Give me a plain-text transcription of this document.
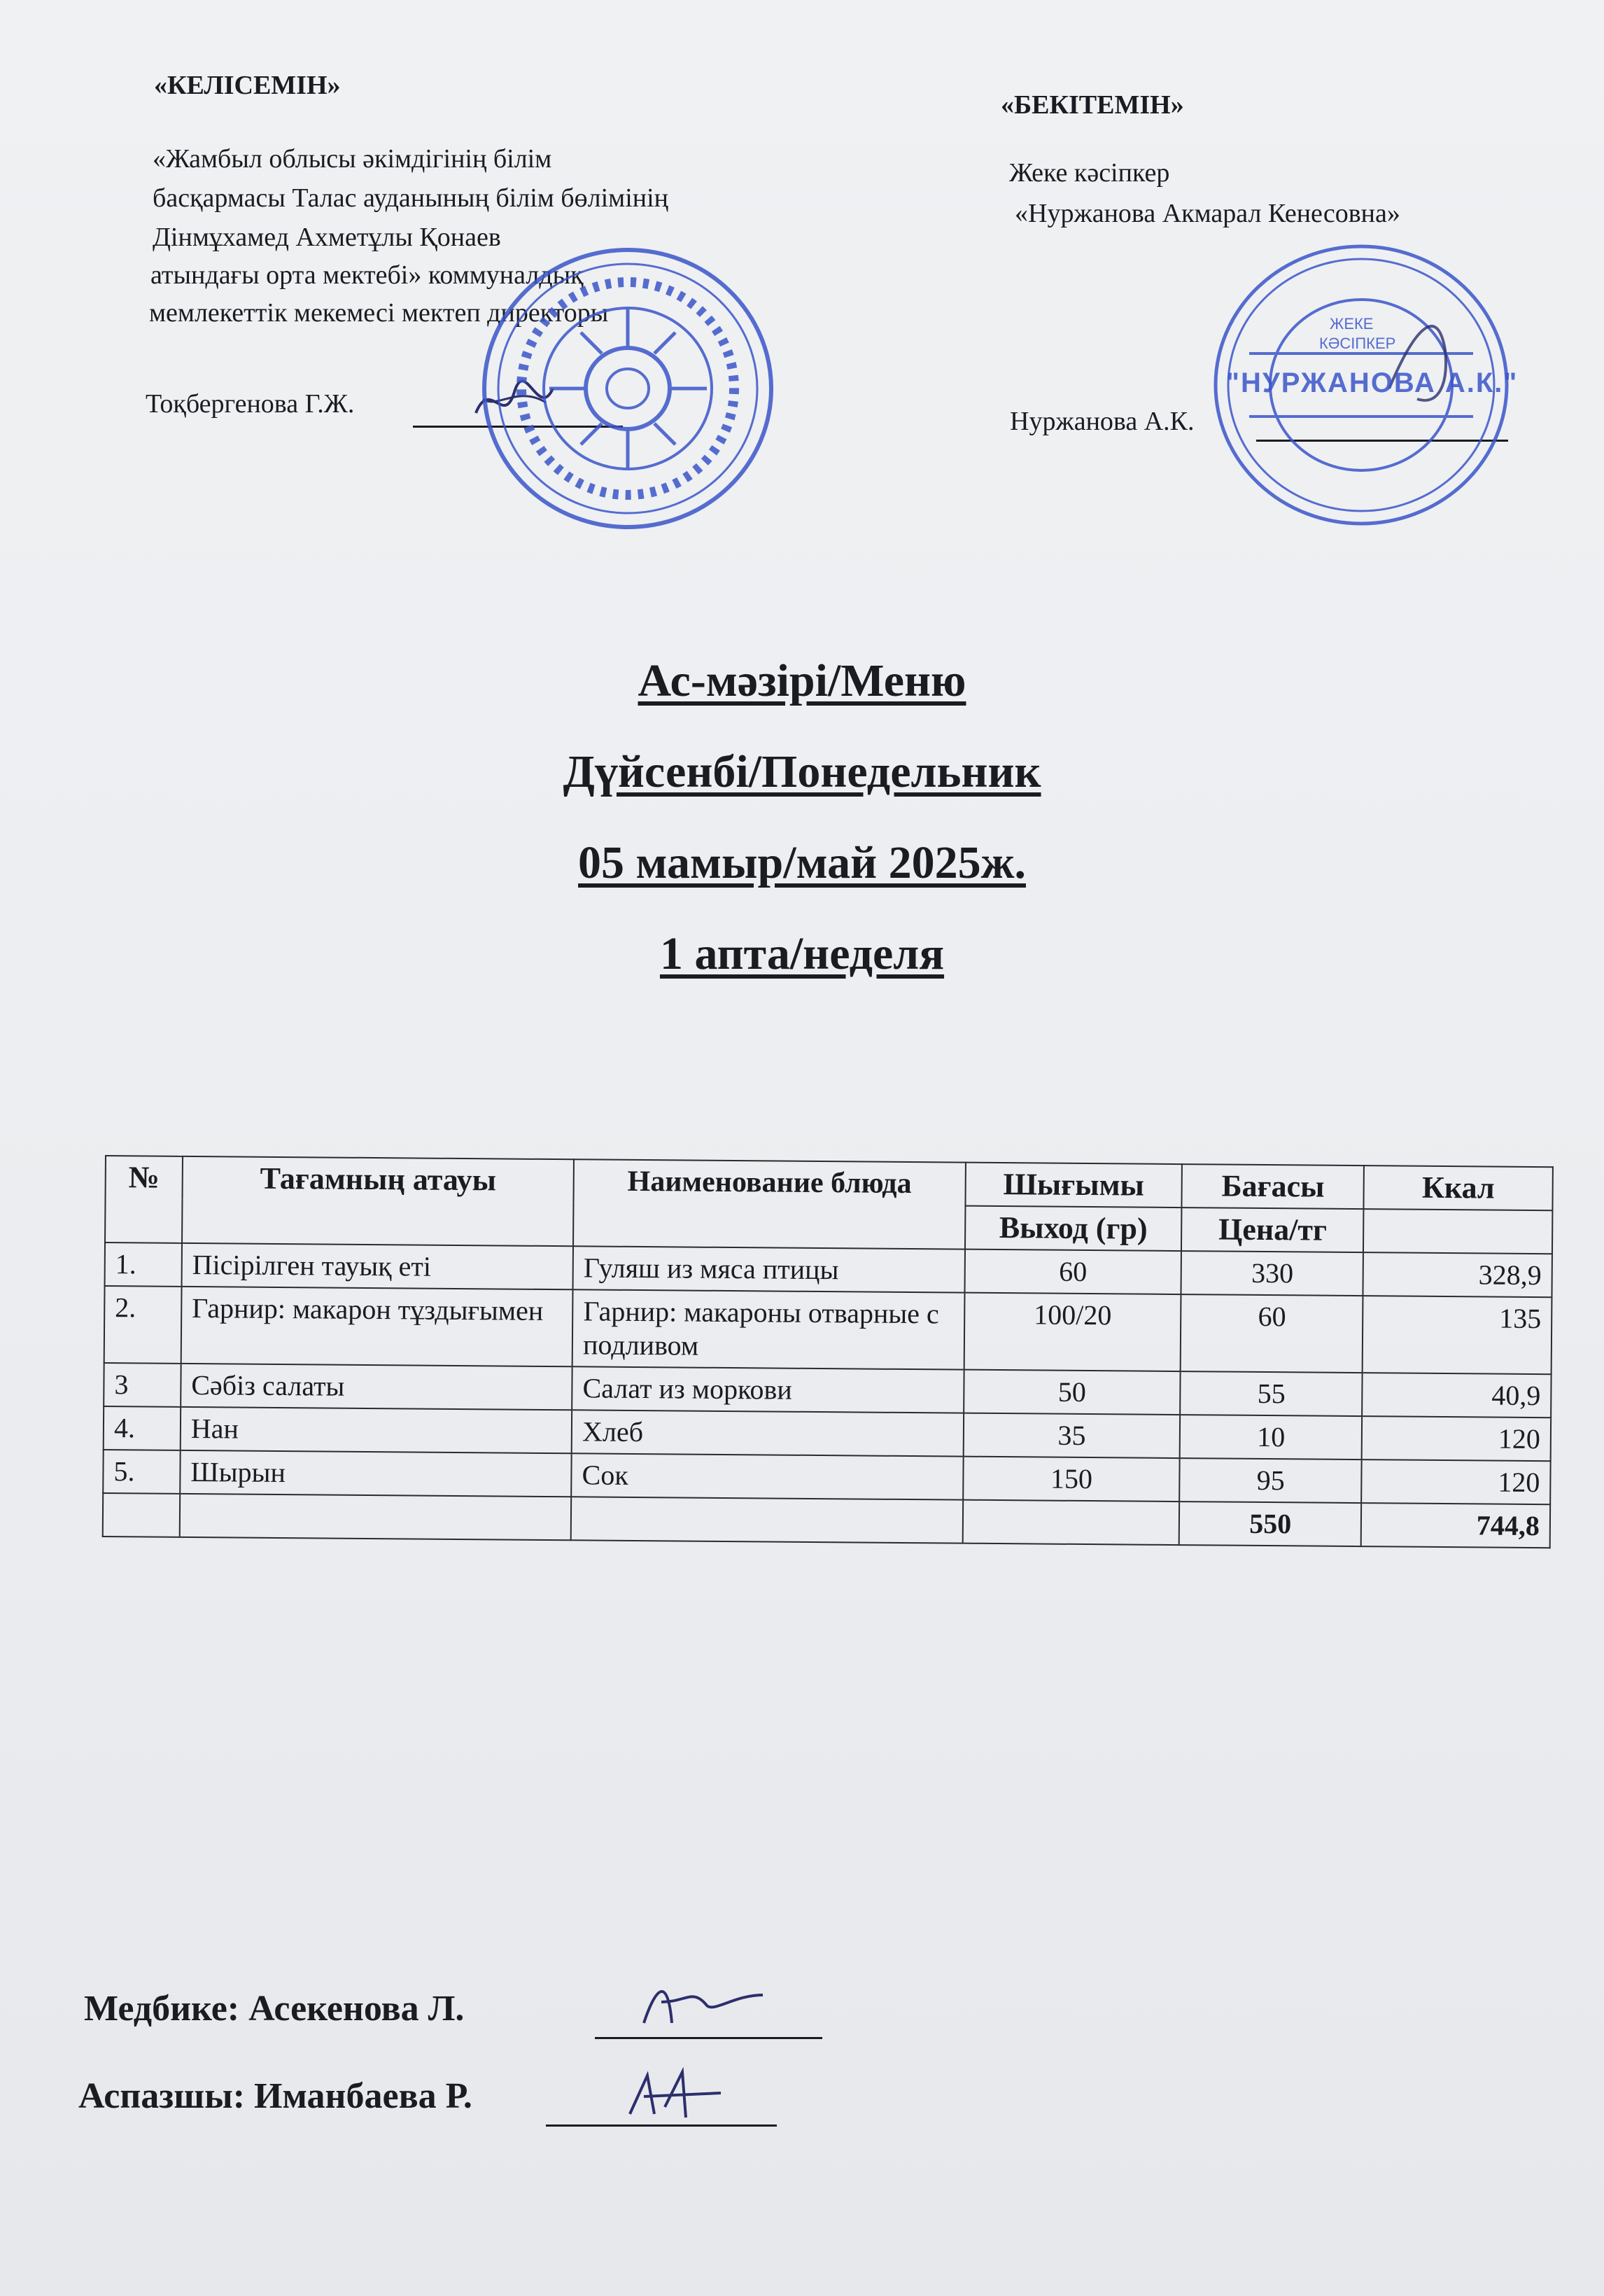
«КЕЛІСЕМІН»
«Жамбыл облысы әкімдігінің білім
басқармасы Талас ауданының білім бөлімінің
Дінмұхамед Ахметұлы Қонаев
атындағы орта мектебі» коммуналдық
мемлекеттік мекемесі мектеп директоры
Тоқбергенова Г.Ж.
«БЕКІТЕМІН»
Жеке кәсіпкер
«Нуржанова Акмарал Кенесовна»
Нуржанова А.К.
ЖЕКЕ
КӘСІПКЕР
"НУРЖАНОВА А.К."
Ас-мәзірі/Меню
Дүйсенбі/Понедельник
05 мамыр/май 2025ж.
1 апта/неделя
№	Тағамның атауы	Наименование блюда	Шығымы	Бағасы	Ккал
			Выход (гр)	Цена/тг	
1.	Пісірілген тауық еті	Гуляш из мяса птицы	60	330	328,9
2.	Гарнир: макарон тұздығымен	Гарнир: макароны отварные с подливом	100/20	60	135
3	Сәбіз салаты	Салат из моркови	50	55	40,9
4.	Нан	Хлеб	35	10	120
5.	Шырын	Сок	150	95	120
				550	744,8
Медбике: Асекенова Л.
Аспазшы: Иманбаева Р.
